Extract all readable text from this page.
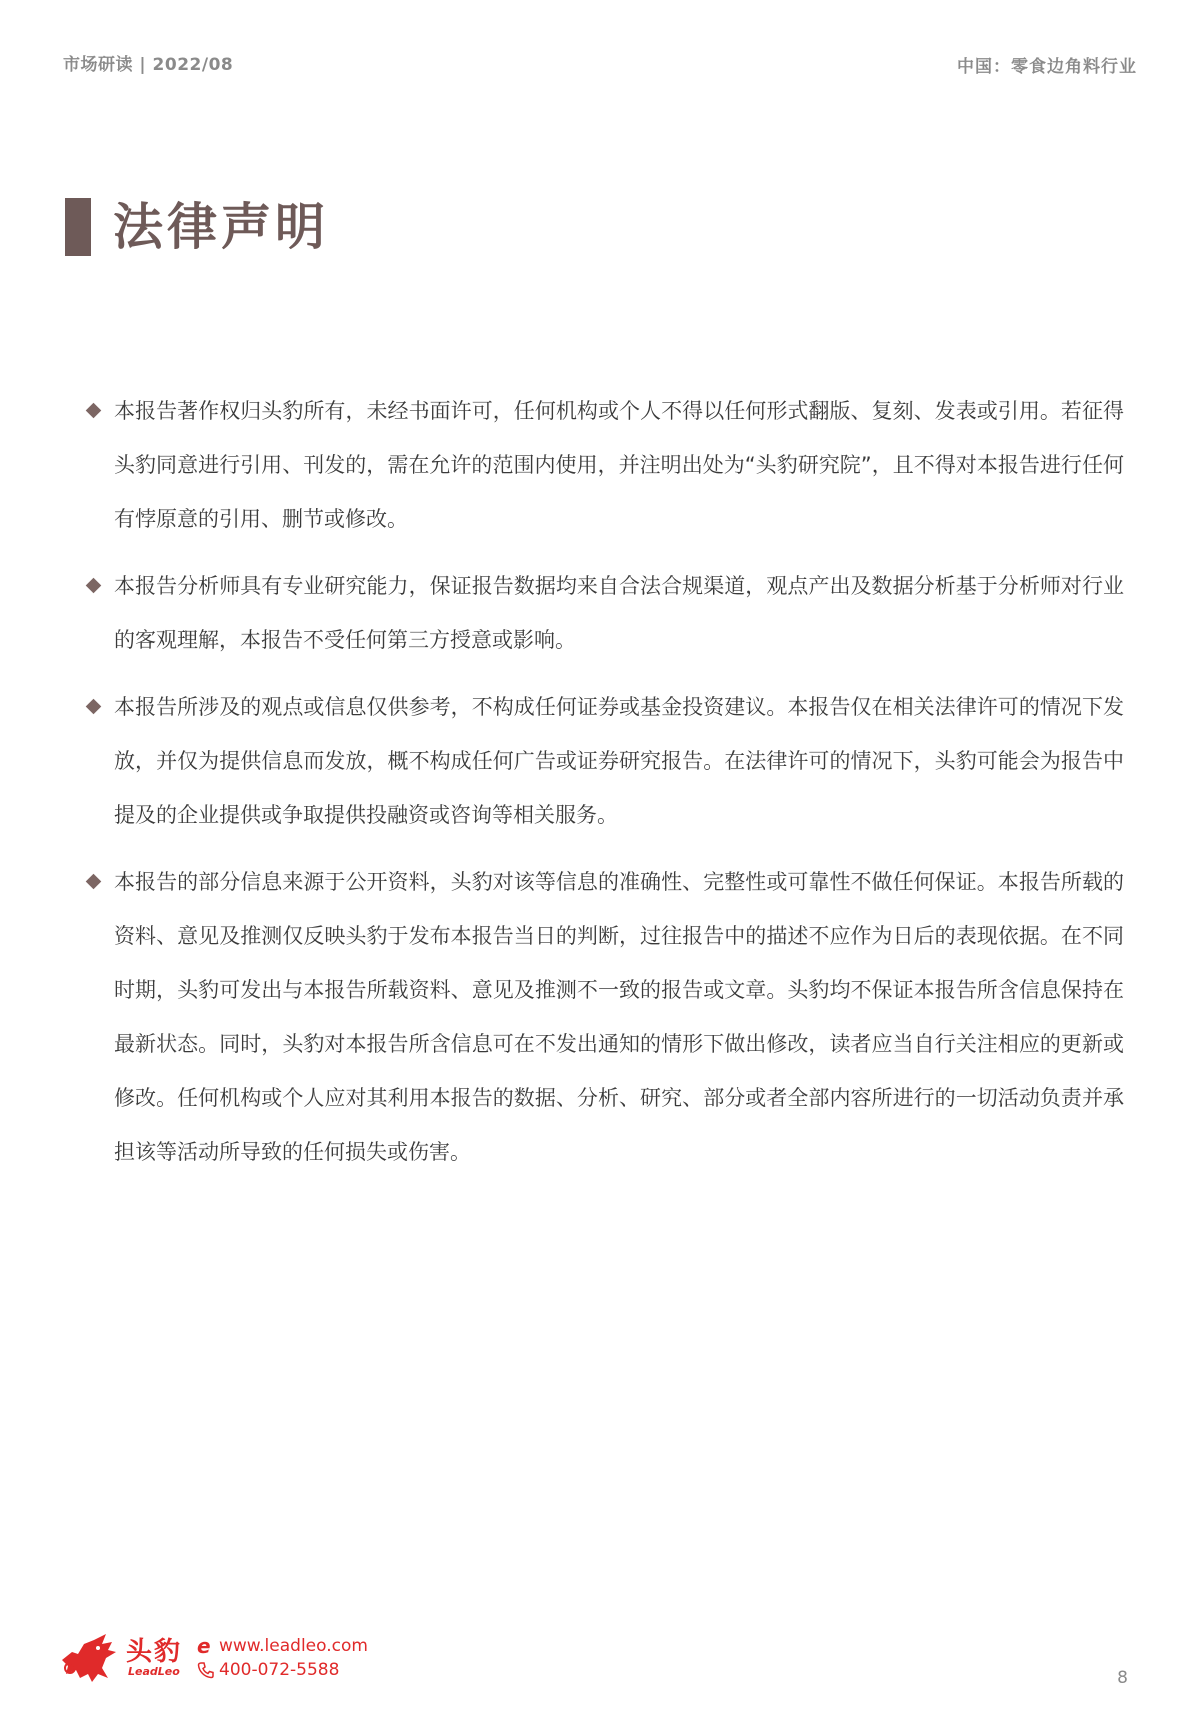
市场研读 | 2022/08	中国：零食边角料行业
法律声明
本报告著作权归头豹所有，未经书面许可，任何机构或个人不得以任何形式翻版、复刻、发表或引用。若征得头豹同意进行引用、刊发的，需在允许的范围内使用，并注明出处为“头豹研究院”，且不得对本报告进行任何有悖原意的引用、删节或修改。
本报告分析师具有专业研究能力，保证报告数据均来自合法合规渠道，观点产出及数据分析基于分析师对行业的客观理解，本报告不受任何第三方授意或影响。
本报告所涉及的观点或信息仅供参考，不构成任何证券或基金投资建议。本报告仅在相关法律许可的情况下发放，并仅为提供信息而发放，概不构成任何广告或证券研究报告。在法律许可的情况下，头豹可能会为报告中提及的企业提供或争取提供投融资或咨询等相关服务。
本报告的部分信息来源于公开资料，头豹对该等信息的准确性、完整性或可靠性不做任何保证。本报告所载的资料、意见及推测仅反映头豹于发布本报告当日的判断，过往报告中的描述不应作为日后的表现依据。在不同时期，头豹可发出与本报告所载资料、意见及推测不一致的报告或文章。头豹均不保证本报告所含信息保持在最新状态。同时，头豹对本报告所含信息可在不发出通知的情形下做出修改，读者应当自行关注相应的更新或修改。任何机构或个人应对其利用本报告的数据、分析、研究、部分或者全部内容所进行的一切活动负责并承担该等活动所导致的任何损失或伤害。
头豹
LeadLeo
e www.leadleo.com
400-072-5588	8
